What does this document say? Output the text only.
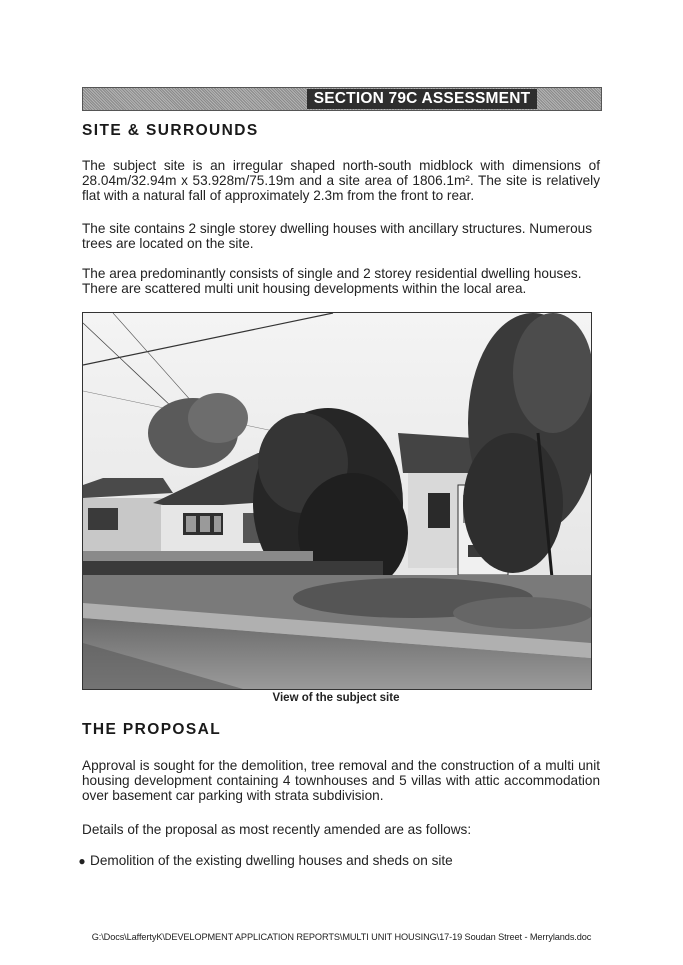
SECTION 79C ASSESSMENT
SITE & SURROUNDS

The subject site is an irregular shaped north-south midblock with dimensions of 28.04m/32.94m x 53.928m/75.19m and a site area of 1806.1m². The site is relatively flat with a natural fall of approximately 2.3m from the front to rear.

The site contains 2 single storey dwelling houses with ancillary structures. Numerous trees are located on the site.

The area predominantly consists of single and 2 storey residential dwelling houses. There are scattered multi unit housing developments within the local area.

View of the subject site
THE PROPOSAL

Approval is sought for the demolition, tree removal and the construction of a multi unit housing development containing 4 townhouses and 5 villas with attic accommodation over basement car parking with strata subdivision.

Details of the proposal as most recently amended are as follows:

● Demolition of the existing dwelling houses and sheds on site
G:\Docs\LaffertyK\DEVELOPMENT APPLICATION REPORTS\MULTI UNIT HOUSING\17-19 Soudan Street - Merrylands.doc
